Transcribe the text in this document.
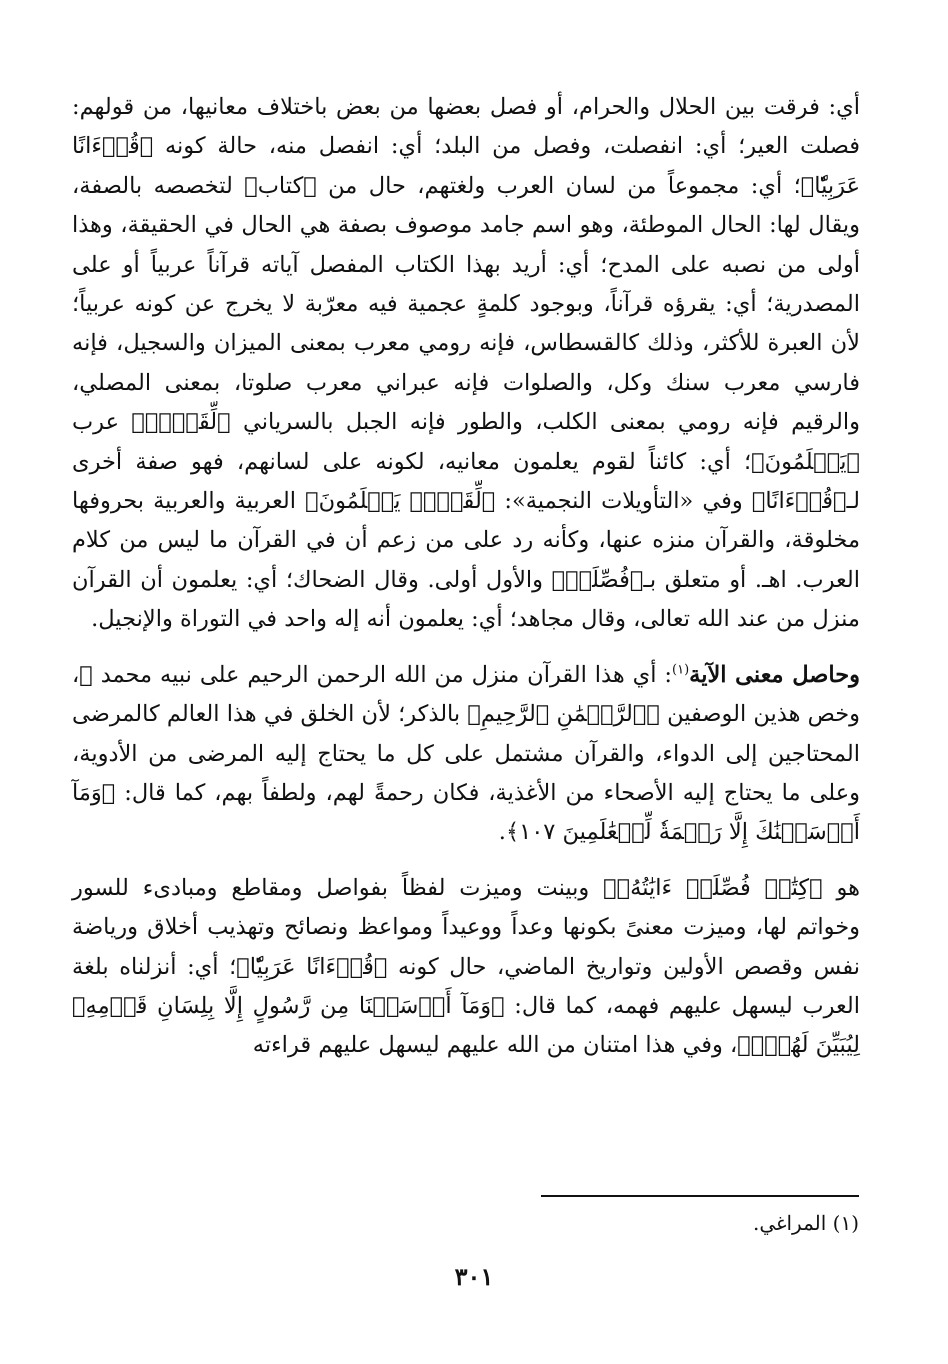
أي: فرقت بين الحلال والحرام، أو فصل بعضها من بعض باختلاف معانيها، من قولهم: فصلت العير؛ أي: انفصلت، وفصل من البلد؛ أي: انفصل منه، حالة كونه ﴿قُرۡءَانًا عَرَبِيّٗا﴾؛ أي: مجموعاً من لسان العرب ولغتهم، حال من ﴿كتاب﴾ لتخصصه بالصفة، ويقال لها: الحال الموطئة، وهو اسم جامد موصوف بصفة هي الحال في الحقيقة، وهذا أولى من نصبه على المدح؛ أي: أريد بهذا الكتاب المفصل آياته قرآناً عربياً أو على المصدرية؛ أي: يقرؤه قرآناً، وبوجود كلمةٍ عجمية فيه معرّبة لا يخرج عن كونه عربياً؛ لأن العبرة للأكثر، وذلك كالقسطاس، فإنه رومي معرب بمعنى الميزان والسجيل، فإنه فارسي معرب سنك وكل، والصلوات فإنه عبراني معرب صلوتا، بمعنى المصلي، والرقيم فإنه رومي بمعنى الكلب، والطور فإنه الجبل بالسرياني ﴿لِّقَوۡمٖ﴾ عرب ﴿يَعۡلَمُونَ﴾؛ أي: كائناً لقوم يعلمون معانيه، لكونه على لسانهم، فهو صفة أخرى لـ﴿قُرۡءَانًا﴾ وفي «التأويلات النجمية»: ﴿لِّقَوۡمٖ يَعۡلَمُونَ﴾ العربية والعربية بحروفها مخلوقة، والقرآن منزه عنها، وكأنه رد على من زعم أن في القرآن ما ليس من كلام العرب. اهـ. أو متعلق بـ﴿فُصِّلَتۡ﴾ والأول أولى. وقال الضحاك؛ أي: يعلمون أن القرآن منزل من عند الله تعالى، وقال مجاهد؛ أي: يعلمون أنه إله واحد في التوراة والإنجيل.

وحاصل معنى الآية$^{(١)}$: أي هذا القرآن منزل من الله الرحمن الرحيم على نبيه محمد ﷺ، وخص هذين الوصفين ﴿ٱلرَّحۡمَٰنِ ٱلرَّحِيمِ﴾ بالذكر؛ لأن الخلق في هذا العالم كالمرضى المحتاجين إلى الدواء، والقرآن مشتمل على كل ما يحتاج إليه المرضى من الأدوية، وعلى ما يحتاج إليه الأصحاء من الأغذية، فكان رحمةً لهم، ولطفاً بهم، كما قال: ﴿وَمَآ أَرۡسَلۡنَٰكَ إِلَّا رَحۡمَةٗ لِّلۡعَٰلَمِينَ ١٠٧﴾.

هو ﴿كِتَٰبٞ فُصِّلَتۡ ءَايَٰتُهُۥ﴾ وبينت وميزت لفظاً بفواصل ومقاطع ومبادىء للسور وخواتم لها، وميزت معنىً بكونها وعداً ووعيداً ومواعظ ونصائح وتهذيب أخلاق ورياضة نفس وقصص الأولين وتواريخ الماضي، حال كونه ﴿قُرۡءَانًا عَرَبِيّٗا﴾؛ أي: أنزلناه بلغة العرب ليسهل عليهم فهمه، كما قال: ﴿وَمَآ أَرۡسَلۡنَا مِن رَّسُولٍ إِلَّا بِلِسَانِ قَوۡمِهِۦ لِيُبَيِّنَ لَهُمۡۖ﴾، وفي هذا امتنان من الله عليهم ليسهل عليهم قراءته

(١) المراغي.
٣٠١
